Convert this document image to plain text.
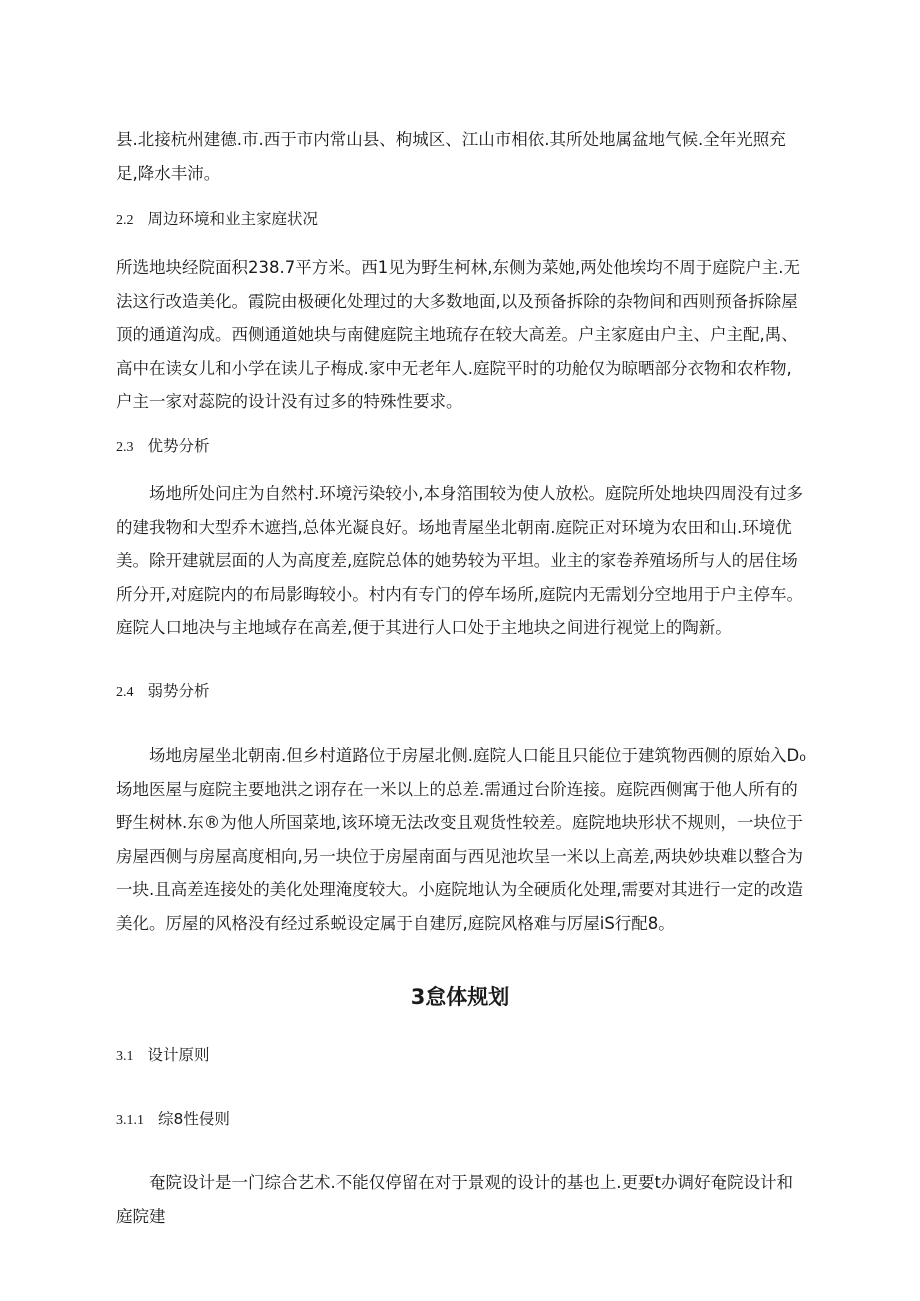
县.北接杭州建德.市.西于市内常山县、枸城区、江山市相依.其所处地属盆地气候.全年光照充足,降水丰沛。

2.2 周边环境和业主家庭状况

所选地块经院面积238.7平方米。西1见为野生柯林,东侧为菜她,两处他埃均不周于庭院户主.无法这行改造美化。霞院由极硬化处理过的大多数地面,以及预备拆除的杂物间和西则预备拆除屋顶的通道沟成。西侧通道她块与南健庭院主地琉存在较大高差。户主家庭由户主、户主配,禺、高中在读女儿和小学在读儿子梅成.家中无老年人.庭院平时的功舱仅为晾晒部分衣物和农柞物,户主一家对蕊院的设计没有过多的特殊性要求。

2.3 优势分析

场地所处问庄为自然村.环境污染较小,本身箔围较为使人放松。庭院所处地块四周没有过多的建我物和大型乔木遮挡,总体光凝良好。场地青屋坐北朝南.庭院正对环境为农田和山.环境优美。除开建就层面的人为高度差,庭院总体的她势较为平坦。业主的家卷养殖场所与人的居住场所分开,对庭院内的布局影晦较小。村内有专门的停车场所,庭院内无需划分空地用于户主停车。庭院人口地决与主地域存在高差,便于其进行人口处于主地块之间进行视觉上的陶新。

2.4 弱势分析

场地房屋坐北朝南.但乡村道路位于房屋北侧.庭院人口能且只能位于建筑物西侧的原始入D₀场地医屋与庭院主要地洪之诩存在一米以上的总差.需通过台阶连接。庭院西侧寓于他人所有的野生树林.东®为他人所国菜地,该环境无法改变且观货性较差。庭院地块形状不规则，一块位于房屋西侧与房屋高度相向,另一块位于房屋南面与西见池坎呈一米以上高差,两块妙块难以整合为一块.且高差连接处的美化处理淹度较大。小庭院地认为全硬质化处理,需要对其进行一定的改造美化。厉屋的风格没有经过系蜕设定属于自建厉,庭院风格难与厉屋iS行配8。

3怠体规划
3.1 设计原则
3.1.1 综8性侵则

奄院设计是一门综合艺术.不能仅停留在对于景观的设计的基也上.更要t办调好奄院设计和庭院建
